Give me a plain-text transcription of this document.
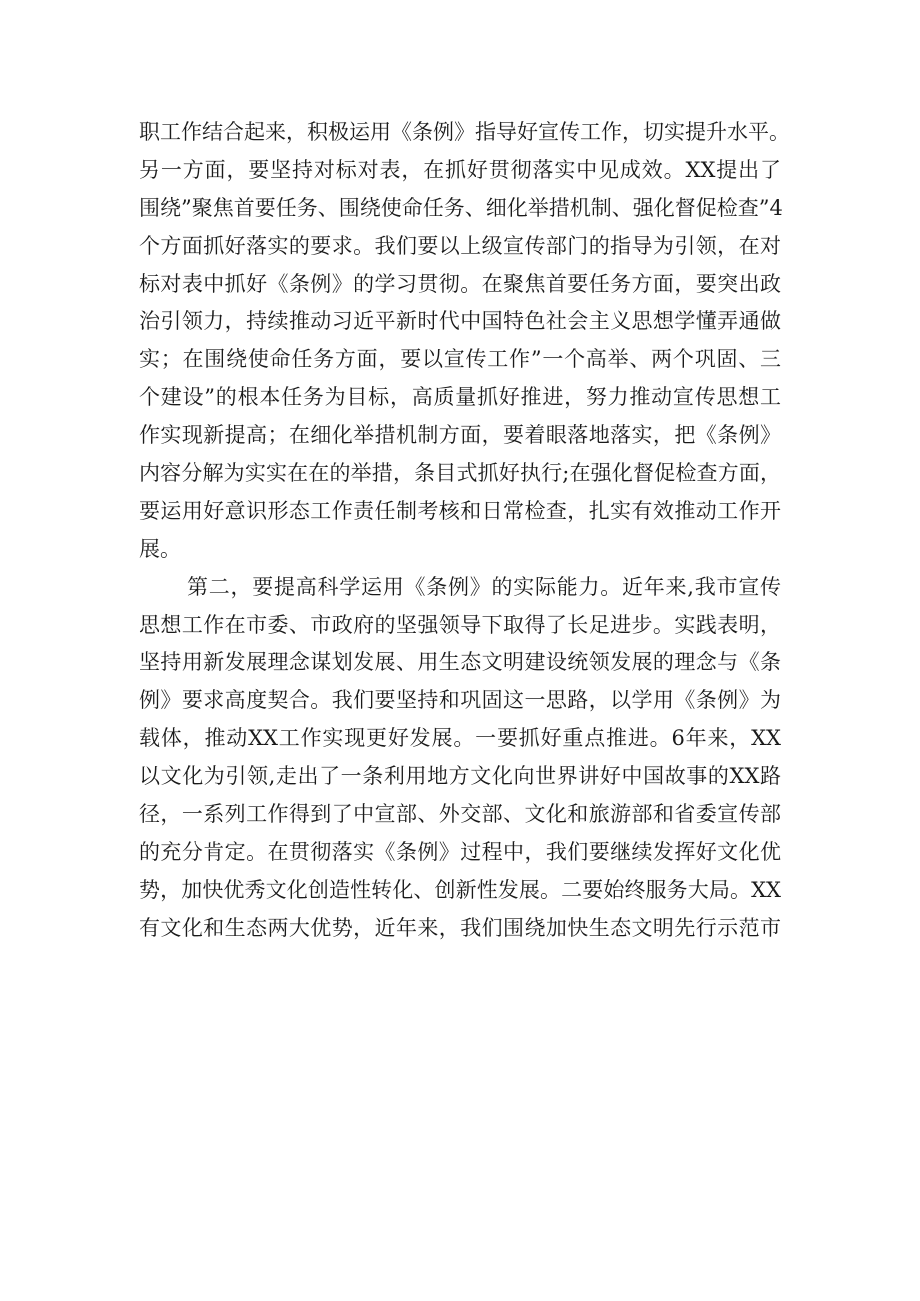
职工作结合起来，积极运用《条例》指导好宣传工作，切实提升水平。
另一方面，要坚持对标对表，在抓好贯彻落实中见成效。XX提出了
围绕”聚焦首要任务、围绕使命任务、细化举措机制、强化督促检查”4
个方面抓好落实的要求。我们要以上级宣传部门的指导为引领，在对
标对表中抓好《条例》的学习贯彻。在聚焦首要任务方面，要突出政
治引领力，持续推动习近平新时代中国特色社会主义思想学懂弄通做
实；在围绕使命任务方面，要以宣传工作”一个高举、两个巩固、三
个建设”的根本任务为目标，高质量抓好推进，努力推动宣传思想工
作实现新提高；在细化举措机制方面，要着眼落地落实，把《条例》
内容分解为实实在在的举措，条目式抓好执行;在强化督促检查方面，
要运用好意识形态工作责任制考核和日常检查，扎实有效推动工作开
展。
第二，要提高科学运用《条例》的实际能力。近年来,我市宣传
思想工作在市委、市政府的坚强领导下取得了长足进步。实践表明，
坚持用新发展理念谋划发展、用生态文明建设统领发展的理念与《条
例》要求高度契合。我们要坚持和巩固这一思路，以学用《条例》为
载体，推动XX工作实现更好发展。一要抓好重点推进。6年来，XX
以文化为引领,走出了一条利用地方文化向世界讲好中国故事的XX路
径，一系列工作得到了中宣部、外交部、文化和旅游部和省委宣传部
的充分肯定。在贯彻落实《条例》过程中，我们要继续发挥好文化优
势，加快优秀文化创造性转化、创新性发展。二要始终服务大局。XX
有文化和生态两大优势，近年来，我们围绕加快生态文明先行示范市
